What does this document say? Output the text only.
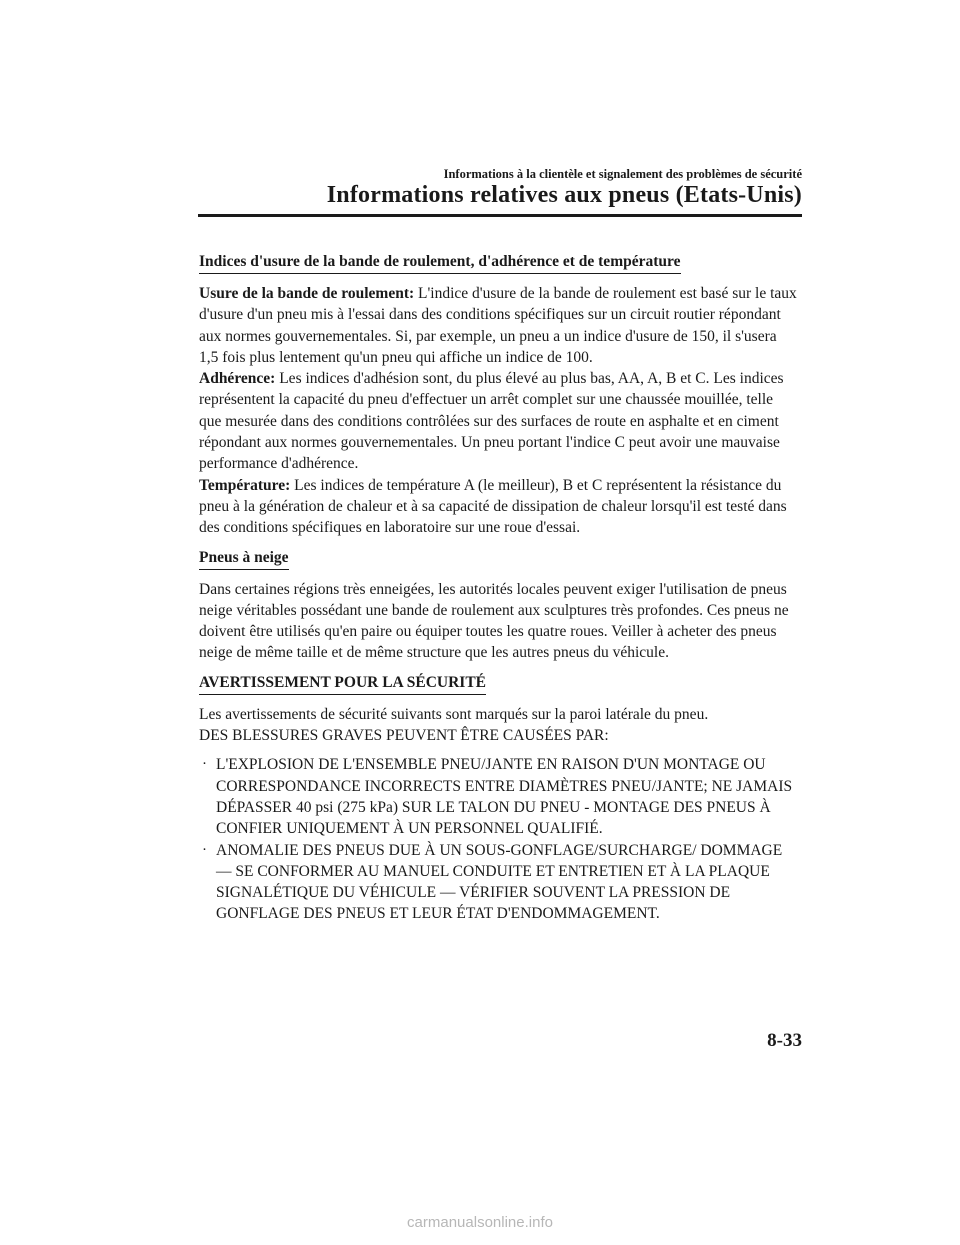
Informations à la clientèle et signalement des problèmes de sécurité
Informations relatives aux pneus (Etats-Unis)
Indices d'usure de la bande de roulement, d'adhérence et de température

Usure de la bande de roulement: L'indice d'usure de la bande de roulement est basé sur le taux d'usure d'un pneu mis à l'essai dans des conditions spécifiques sur un circuit routier répondant aux normes gouvernementales. Si, par exemple, un pneu a un indice d'usure de 150, il s'usera 1,5 fois plus lentement qu'un pneu qui affiche un indice de 100.
Adhérence: Les indices d'adhésion sont, du plus élevé au plus bas, AA, A, B et C. Les indices représentent la capacité du pneu d'effectuer un arrêt complet sur une chaussée mouillée, telle que mesurée dans des conditions contrôlées sur des surfaces de route en asphalte et en ciment répondant aux normes gouvernementales. Un pneu portant l'indice C peut avoir une mauvaise performance d'adhérence.
Température: Les indices de température A (le meilleur), B et C représentent la résistance du pneu à la génération de chaleur et à sa capacité de dissipation de chaleur lorsqu'il est testé dans des conditions spécifiques en laboratoire sur une roue d'essai.

Pneus à neige

Dans certaines régions très enneigées, les autorités locales peuvent exiger l'utilisation de pneus neige véritables possédant une bande de roulement aux sculptures très profondes. Ces pneus ne doivent être utilisés qu'en paire ou équiper toutes les quatre roues. Veiller à acheter des pneus neige de même taille et de même structure que les autres pneus du véhicule.

AVERTISSEMENT POUR LA SÉCURITÉ

Les avertissements de sécurité suivants sont marqués sur la paroi latérale du pneu.
DES BLESSURES GRAVES PEUVENT ÊTRE CAUSÉES PAR:

· L'EXPLOSION DE L'ENSEMBLE PNEU/JANTE EN RAISON D'UN MONTAGE OU CORRESPONDANCE INCORRECTS ENTRE DIAMÈTRES PNEU/JANTE; NE JAMAIS DÉPASSER 40 psi (275 kPa) SUR LE TALON DU PNEU - MONTAGE DES PNEUS À CONFIER UNIQUEMENT À UN PERSONNEL QUALIFIÉ.
· ANOMALIE DES PNEUS DUE À UN SOUS-GONFLAGE/SURCHARGE/ DOMMAGE — SE CONFORMER AU MANUEL CONDUITE ET ENTRETIEN ET À LA PLAQUE SIGNALÉTIQUE DU VÉHICULE — VÉRIFIER SOUVENT LA PRESSION DE GONFLAGE DES PNEUS ET LEUR ÉTAT D'ENDOMMAGEMENT.
8-33
carmanualsonline.info
